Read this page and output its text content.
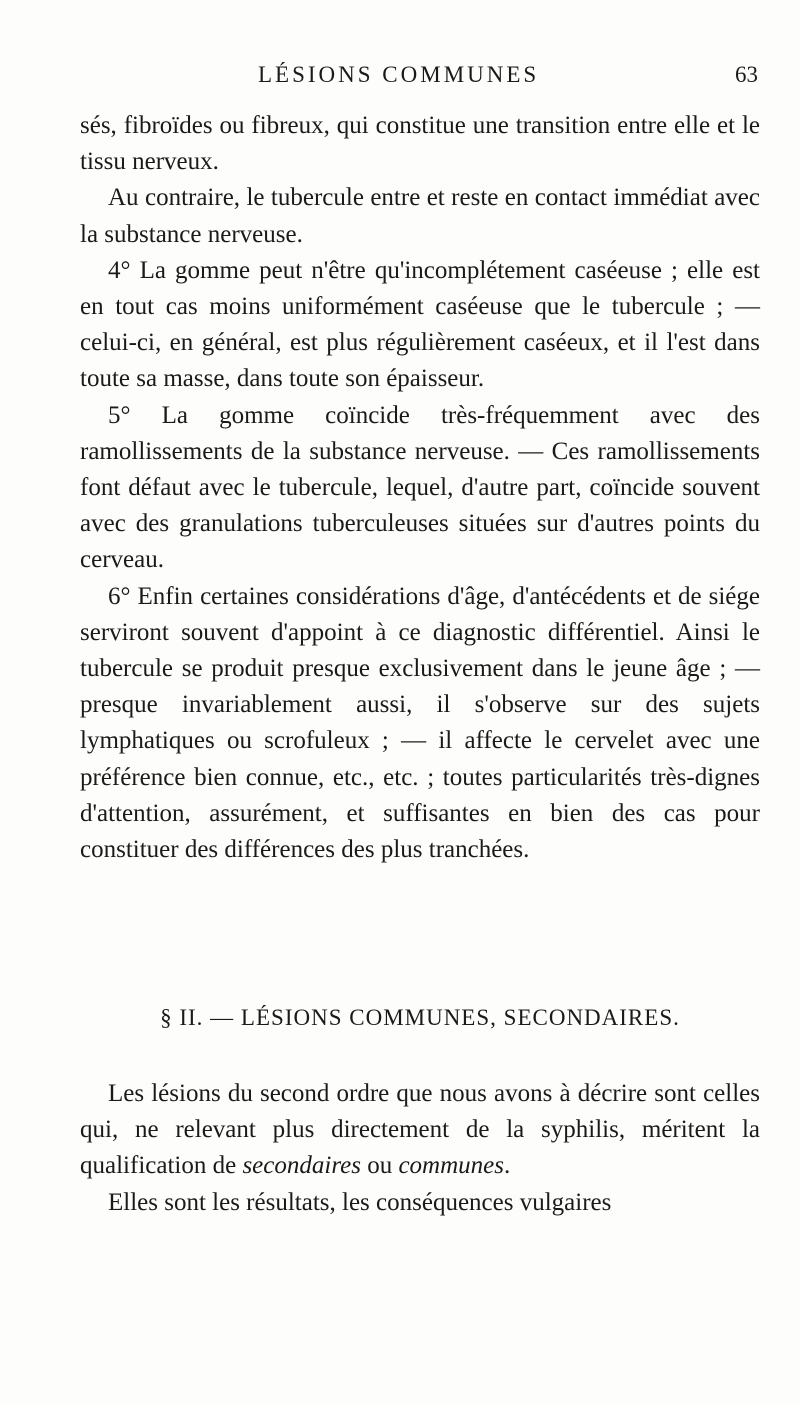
LÉSIONS COMMUNES	63

sés, fibroïdes ou fibreux, qui constitue une transition entre elle et le tissu nerveux.

Au contraire, le tubercule entre et reste en contact immédiat avec la substance nerveuse.

4° La gomme peut n'être qu'incomplétement caséeuse ; elle est en tout cas moins uniformément caséeuse que le tubercule ; — celui-ci, en général, est plus régulièrement caséeux, et il l'est dans toute sa masse, dans toute son épaisseur.

5° La gomme coïncide très-fréquemment avec des ramollissements de la substance nerveuse. — Ces ramollissements font défaut avec le tubercule, lequel, d'autre part, coïncide souvent avec des granulations tuberculeuses situées sur d'autres points du cerveau.

6° Enfin certaines considérations d'âge, d'antécédents et de siége serviront souvent d'appoint à ce diagnostic différentiel. Ainsi le tubercule se produit presque exclusivement dans le jeune âge ; — presque invariablement aussi, il s'observe sur des sujets lymphatiques ou scrofuleux ; — il affecte le cervelet avec une préférence bien connue, etc., etc. ; toutes particularités très-dignes d'attention, assurément, et suffisantes en bien des cas pour constituer des différences des plus tranchées.

§ II. — LÉSIONS COMMUNES, SECONDAIRES.

Les lésions du second ordre que nous avons à décrire sont celles qui, ne relevant plus directement de la syphilis, méritent la qualification de secondaires ou communes.

Elles sont les résultats, les conséquences vulgaires
